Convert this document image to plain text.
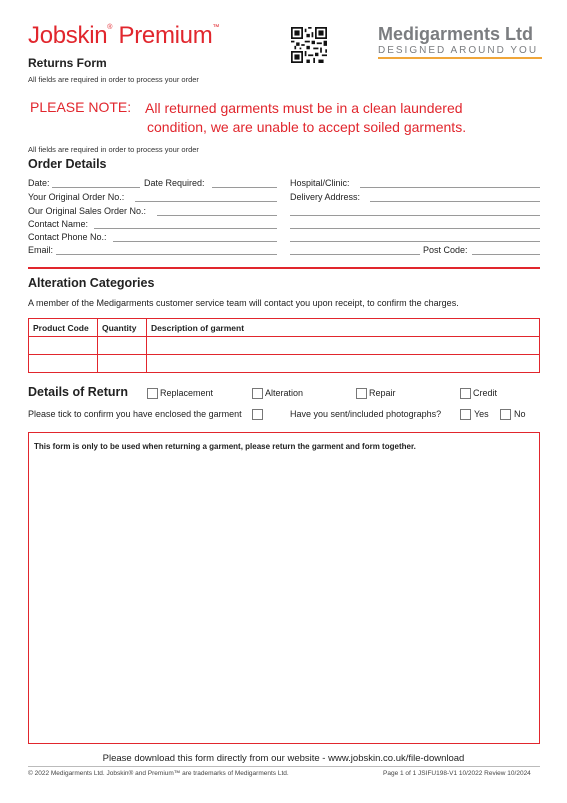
Jobskin® Premium™	Medigarments Ltd
DESIGNED AROUND YOU
Returns Form
All fields are required in order to process your order
PLEASE NOTE: All returned garments must be in a clean laundered
condition, we are unable to accept soiled garments.
All fields are required in order to process your order
Order Details
Date:	Date Required:
Your Original Order No.:
Our Original Sales Order No.:
Contact Name:
Contact Phone No.:
Email:
Hospital/Clinic:
Delivery Address:
Post Code:
Alteration Categories
A member of the Medigarments customer service team will contact you upon receipt, to confirm the charges.
Product Code	Quantity	Description of garment

Details of Return	Replacement	Alteration	Repair	Credit
Please tick to confirm you have enclosed the garment	Have you sent/included photographs?	Yes	No
This form is only to be used when returning a garment, please return the garment and form together.
Please download this form directly from our website - www.jobskin.co.uk/file-download
© 2022 Medigarments Ltd. Jobskin® and Premium™ are trademarks of Medigarments Ltd.	Page 1 of 1 JSIFU198-V1 10/2022 Review 10/2024
